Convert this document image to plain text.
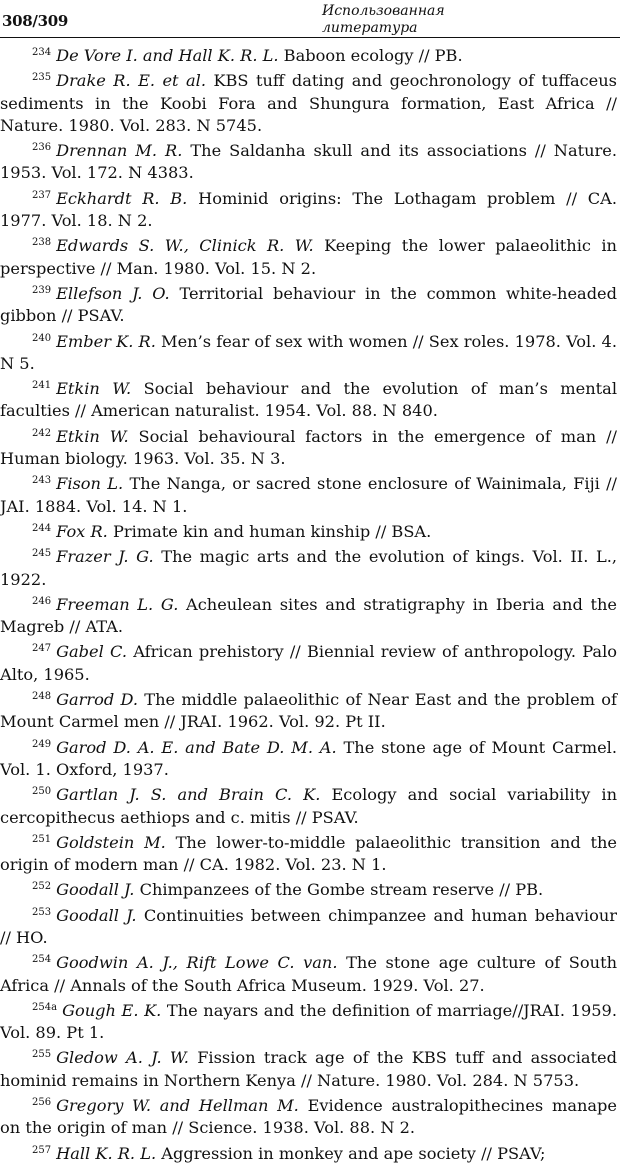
308/309
Использованная
литература

$^{234}$ De Vore I. and Hall K. R. L. Baboon ecology // PB.

$^{235}$ Drake R. E. et al. KBS tuff dating and geochronology of tuffaceus sediments in the Koobi Fora and Shungura formation, East Africa // Nature. 1980. Vol. 283. N 5745.

$^{236}$ Drennan M. R. The Saldanha skull and its associations // Nature. 1953. Vol. 172. N 4383.

$^{237}$ Eckhardt R. B. Hominid origins: The Lothagam problem // CA. 1977. Vol. 18. N 2.

$^{238}$ Edwards S. W., Clinick R. W. Keeping the lower palaeolithic in perspective // Man. 1980. Vol. 15. N 2.

$^{239}$ Ellefson J. O. Territorial behaviour in the common white-headed gibbon // PSAV.

$^{240}$ Ember K. R. Men’s fear of sex with women // Sex roles. 1978. Vol. 4. N 5.

$^{241}$ Etkin W. Social behaviour and the evolution of man’s mental faculties // American naturalist. 1954. Vol. 88. N 840.

$^{242}$ Etkin W. Social behavioural factors in the emergence of man // Human biology. 1963. Vol. 35. N 3.

$^{243}$ Fison L. The Nanga, or sacred stone enclosure of Wainimala, Fiji // JAI. 1884. Vol. 14. N 1.

$^{244}$ Fox R. Primate kin and human kinship // BSA.

$^{245}$ Frazer J. G. The magic arts and the evolution of kings. Vol. II. L., 1922.

$^{246}$ Freeman L. G. Acheulean sites and stratigraphy in Iberia and the Magreb // ATA.

$^{247}$ Gabel C. African prehistory // Biennial review of anthropology. Palo Alto, 1965.

$^{248}$ Garrod D. The middle palaeolithic of Near East and the problem of Mount Carmel men // JRAI. 1962. Vol. 92. Pt II.

$^{249}$ Garod D. A. E. and Bate D. M. A. The stone age of Mount Carmel. Vol. 1. Oxford, 1937.

$^{250}$ Gartlan J. S. and Brain C. K. Ecology and social variability in cercopithecus aethiops and c. mitis // PSAV.

$^{251}$ Goldstein M. The lower-to-middle palaeolithic transition and the origin of modern man // CA. 1982. Vol. 23. N 1.

$^{252}$ Goodall J. Chimpanzees of the Gombe stream reserve // PB.

$^{253}$ Goodall J. Continuities between chimpanzee and human behaviour // HO.

$^{254}$ Goodwin A. J., Rift Lowe C. van. The stone age culture of South Africa // Annals of the South Africa Museum. 1929. Vol. 27.

$^{254a}$ Gough E. K. The nayars and the definition of marriage//JRAI. 1959. Vol. 89. Pt 1.

$^{255}$ Gledow A. J. W. Fission track age of the KBS tuff and associated hominid remains in Northern Kenya // Nature. 1980. Vol. 284. N 5753.

$^{256}$ Gregory W. and Hellman M. Evidence australopithecines manape on the origin of man // Science. 1938. Vol. 88. N 2.

$^{257}$ Hall K. R. L. Aggression in monkey and ape society // PSAV;
